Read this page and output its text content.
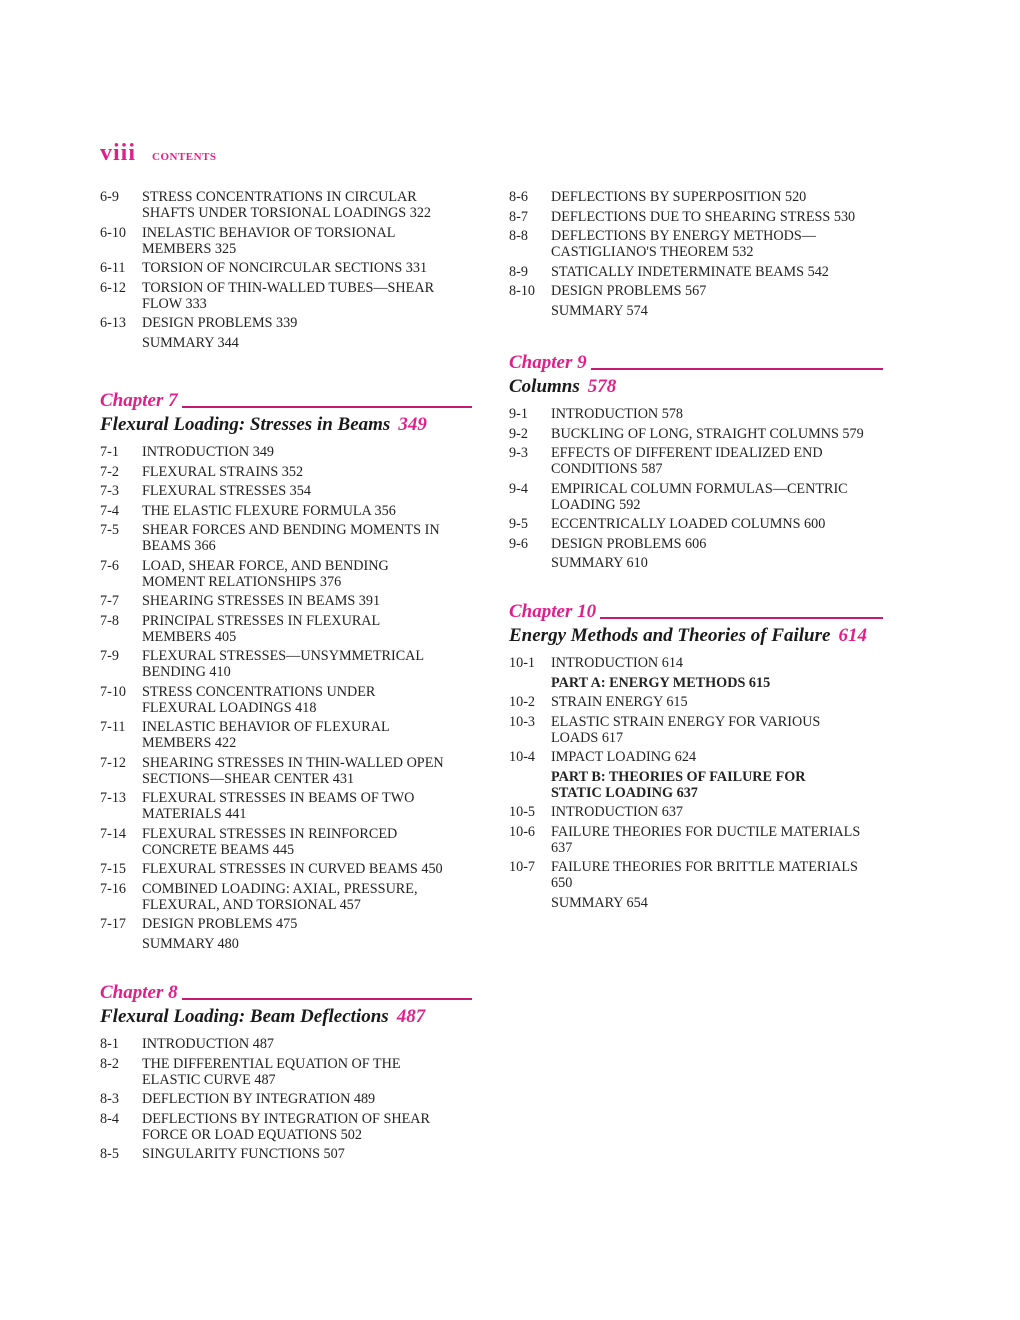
viii CONTENTS
6-9	STRESS CONCENTRATIONS IN CIRCULAR SHAFTS UNDER TORSIONAL LOADINGS 322
6-10	INELASTIC BEHAVIOR OF TORSIONAL MEMBERS 325
6-11	TORSION OF NONCIRCULAR SECTIONS 331
6-12	TORSION OF THIN-WALLED TUBES—SHEAR FLOW 333
6-13	DESIGN PROBLEMS 339
SUMMARY 344
Chapter 7
Flexural Loading: Stresses in Beams 349
7-1	INTRODUCTION 349
7-2	FLEXURAL STRAINS 352
7-3	FLEXURAL STRESSES 354
7-4	THE ELASTIC FLEXURE FORMULA 356
7-5	SHEAR FORCES AND BENDING MOMENTS IN BEAMS 366
7-6	LOAD, SHEAR FORCE, AND BENDING MOMENT RELATIONSHIPS 376
7-7	SHEARING STRESSES IN BEAMS 391
7-8	PRINCIPAL STRESSES IN FLEXURAL MEMBERS 405
7-9	FLEXURAL STRESSES—UNSYMMETRICAL BENDING 410
7-10	STRESS CONCENTRATIONS UNDER FLEXURAL LOADINGS 418
7-11	INELASTIC BEHAVIOR OF FLEXURAL MEMBERS 422
7-12	SHEARING STRESSES IN THIN-WALLED OPEN SECTIONS—SHEAR CENTER 431
7-13	FLEXURAL STRESSES IN BEAMS OF TWO MATERIALS 441
7-14	FLEXURAL STRESSES IN REINFORCED CONCRETE BEAMS 445
7-15	FLEXURAL STRESSES IN CURVED BEAMS 450
7-16	COMBINED LOADING: AXIAL, PRESSURE, FLEXURAL, AND TORSIONAL 457
7-17	DESIGN PROBLEMS 475
SUMMARY 480
Chapter 8
Flexural Loading: Beam Deflections 487
8-1	INTRODUCTION 487
8-2	THE DIFFERENTIAL EQUATION OF THE ELASTIC CURVE 487
8-3	DEFLECTION BY INTEGRATION 489
8-4	DEFLECTIONS BY INTEGRATION OF SHEAR FORCE OR LOAD EQUATIONS 502
8-5	SINGULARITY FUNCTIONS 507
8-6	DEFLECTIONS BY SUPERPOSITION 520
8-7	DEFLECTIONS DUE TO SHEARING STRESS 530
8-8	DEFLECTIONS BY ENERGY METHODS—CASTIGLIANO'S THEOREM 532
8-9	STATICALLY INDETERMINATE BEAMS 542
8-10	DESIGN PROBLEMS 567
SUMMARY 574
Chapter 9
Columns 578
9-1	INTRODUCTION 578
9-2	BUCKLING OF LONG, STRAIGHT COLUMNS 579
9-3	EFFECTS OF DIFFERENT IDEALIZED END CONDITIONS 587
9-4	EMPIRICAL COLUMN FORMULAS—CENTRIC LOADING 592
9-5	ECCENTRICALLY LOADED COLUMNS 600
9-6	DESIGN PROBLEMS 606
SUMMARY 610
Chapter 10
Energy Methods and Theories of Failure 614
10-1	INTRODUCTION 614
PART A: ENERGY METHODS 615
10-2	STRAIN ENERGY 615
10-3	ELASTIC STRAIN ENERGY FOR VARIOUS LOADS 617
10-4	IMPACT LOADING 624
PART B: THEORIES OF FAILURE FOR STATIC LOADING 637
10-5	INTRODUCTION 637
10-6	FAILURE THEORIES FOR DUCTILE MATERIALS 637
10-7	FAILURE THEORIES FOR BRITTLE MATERIALS 650
SUMMARY 654
